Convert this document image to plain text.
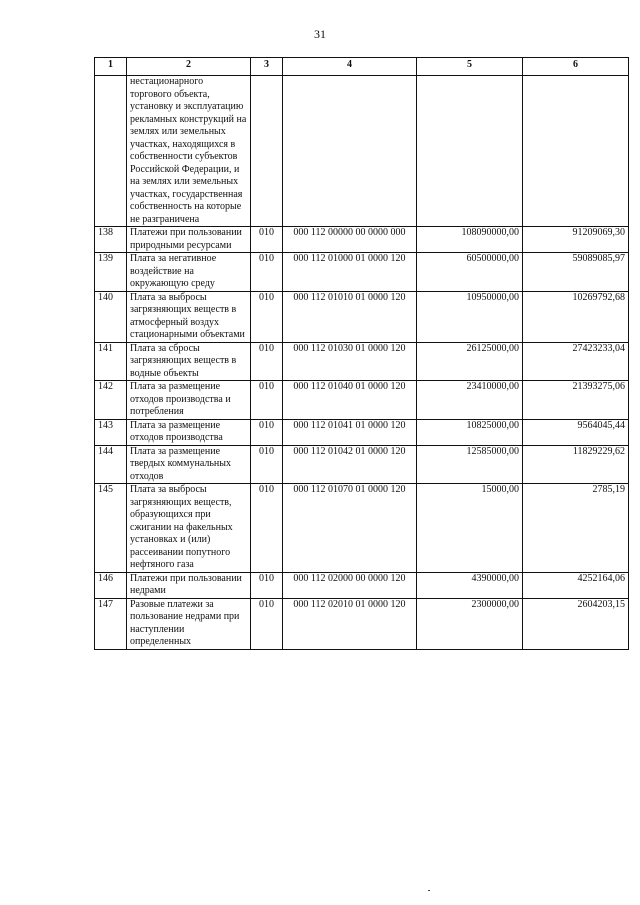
31
1	2	3	4	5	6
	нестационарного торгового объекта, установку и эксплуатацию рекламных конструкций на землях или земельных участках, находящихся в собственности субъектов Российской Федерации, и на землях или земельных участках, государственная собственность на которые не разграничена				
138	Платежи при пользовании природными ресурсами	010	000 112 00000 00 0000 000	108090000,00	91209069,30
139	Плата за негативное воздействие на окружающую среду	010	000 112 01000 01 0000 120	60500000,00	59089085,97
140	Плата за выбросы загрязняющих веществ в атмосферный воздух стационарными объектами	010	000 112 01010 01 0000 120	10950000,00	10269792,68
141	Плата за сбросы загрязняющих веществ в водные объекты	010	000 112 01030 01 0000 120	26125000,00	27423233,04
142	Плата за размещение отходов производства и потребления	010	000 112 01040 01 0000 120	23410000,00	21393275,06
143	Плата за размещение отходов производства	010	000 112 01041 01 0000 120	10825000,00	9564045,44
144	Плата за размещение твердых коммунальных отходов	010	000 112 01042 01 0000 120	12585000,00	11829229,62
145	Плата за выбросы загрязняющих веществ, образующихся при сжигании на факельных установках и (или) рассеивании попутного нефтяного газа	010	000 112 01070 01 0000 120	15000,00	2785,19
146	Платежи при пользовании недрами	010	000 112 02000 00 0000 120	4390000,00	4252164,06
147	Разовые платежи за пользование недрами при наступлении определенных	010	000 112 02010 01 0000 120	2300000,00	2604203,15
